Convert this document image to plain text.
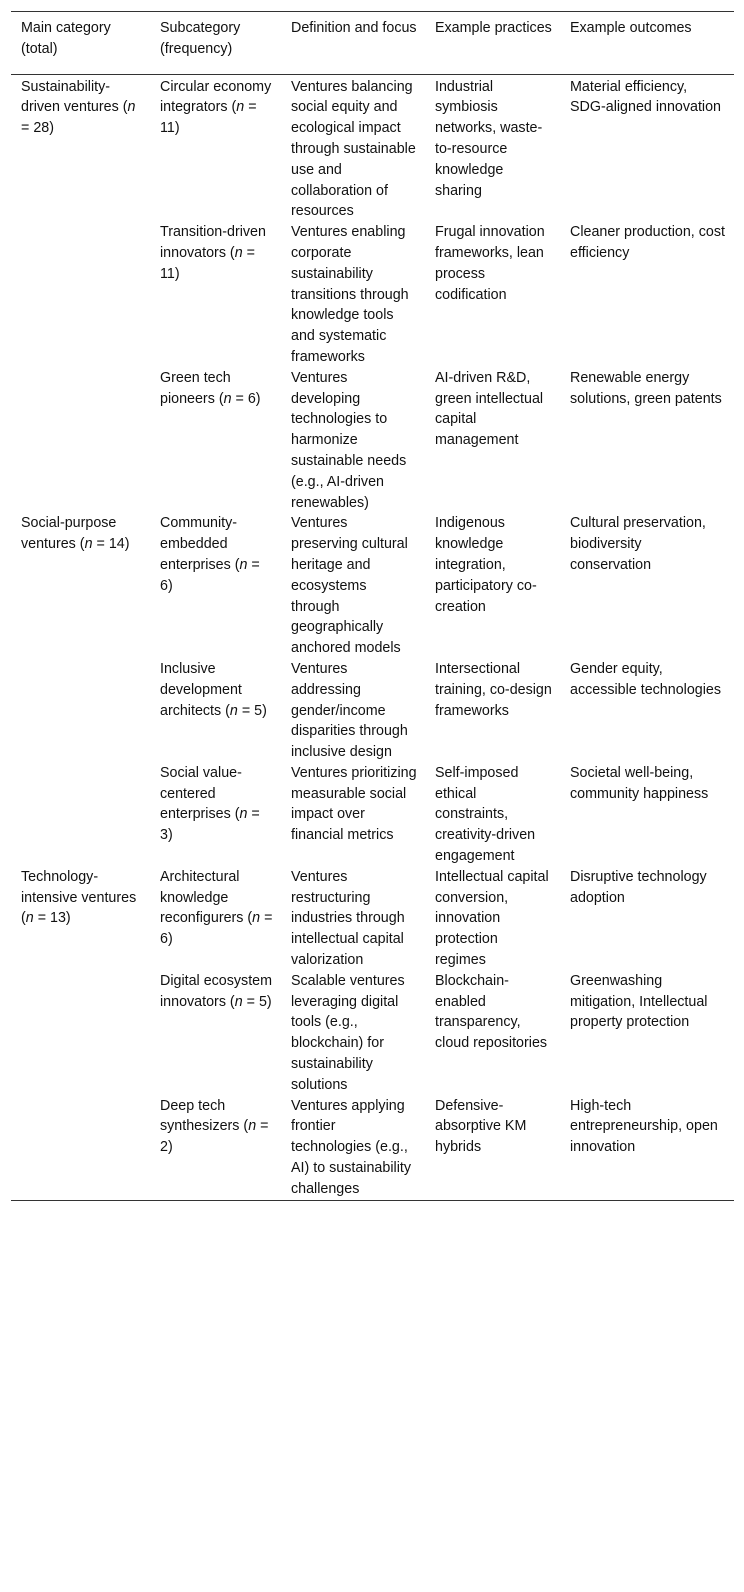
Main category (total)	Subcategory (frequency)	Definition and focus	Example practices	Example outcomes
Sustainability-driven ventures (n = 28)	Circular economy integrators (n = 11)	Ventures balancing social equity and ecological impact through sustainable use and collaboration of resources	Industrial symbiosis networks, waste-to-resource knowledge sharing	Material efficiency, SDG-aligned innovation
	Transition-driven innovators (n = 11)	Ventures enabling corporate sustainability transitions through knowledge tools and systematic frameworks	Frugal innovation frameworks, lean process codification	Cleaner production, cost efficiency
	Green tech pioneers (n = 6)	Ventures developing technologies to harmonize sustainable needs (e.g., AI-driven renewables)	AI-driven R&D, green intellectual capital management	Renewable energy solutions, green patents
Social-purpose ventures (n = 14)	Community-embedded enterprises (n = 6)	Ventures preserving cultural heritage and ecosystems through geographically anchored models	Indigenous knowledge integration, participatory co-creation	Cultural preservation, biodiversity conservation
	Inclusive development architects (n = 5)	Ventures addressing gender/income disparities through inclusive design	Intersectional training, co-design frameworks	Gender equity, accessible technologies
	Social value-centered enterprises (n = 3)	Ventures prioritizing measurable social impact over financial metrics	Self-imposed ethical constraints, creativity-driven engagement	Societal well-being, community happiness
Technology-intensive ventures (n = 13)	Architectural knowledge reconfigurers (n = 6)	Ventures restructuring industries through intellectual capital valorization	Intellectual capital conversion, innovation protection regimes	Disruptive technology adoption
	Digital ecosystem innovators (n = 5)	Scalable ventures leveraging digital tools (e.g., blockchain) for sustainability solutions	Blockchain-enabled transparency, cloud repositories	Greenwashing mitigation, Intellectual property protection
	Deep tech synthesizers (n = 2)	Ventures applying frontier technologies (e.g., AI) to sustainability challenges	Defensive-absorptive KM hybrids	High-tech entrepreneurship, open innovation
